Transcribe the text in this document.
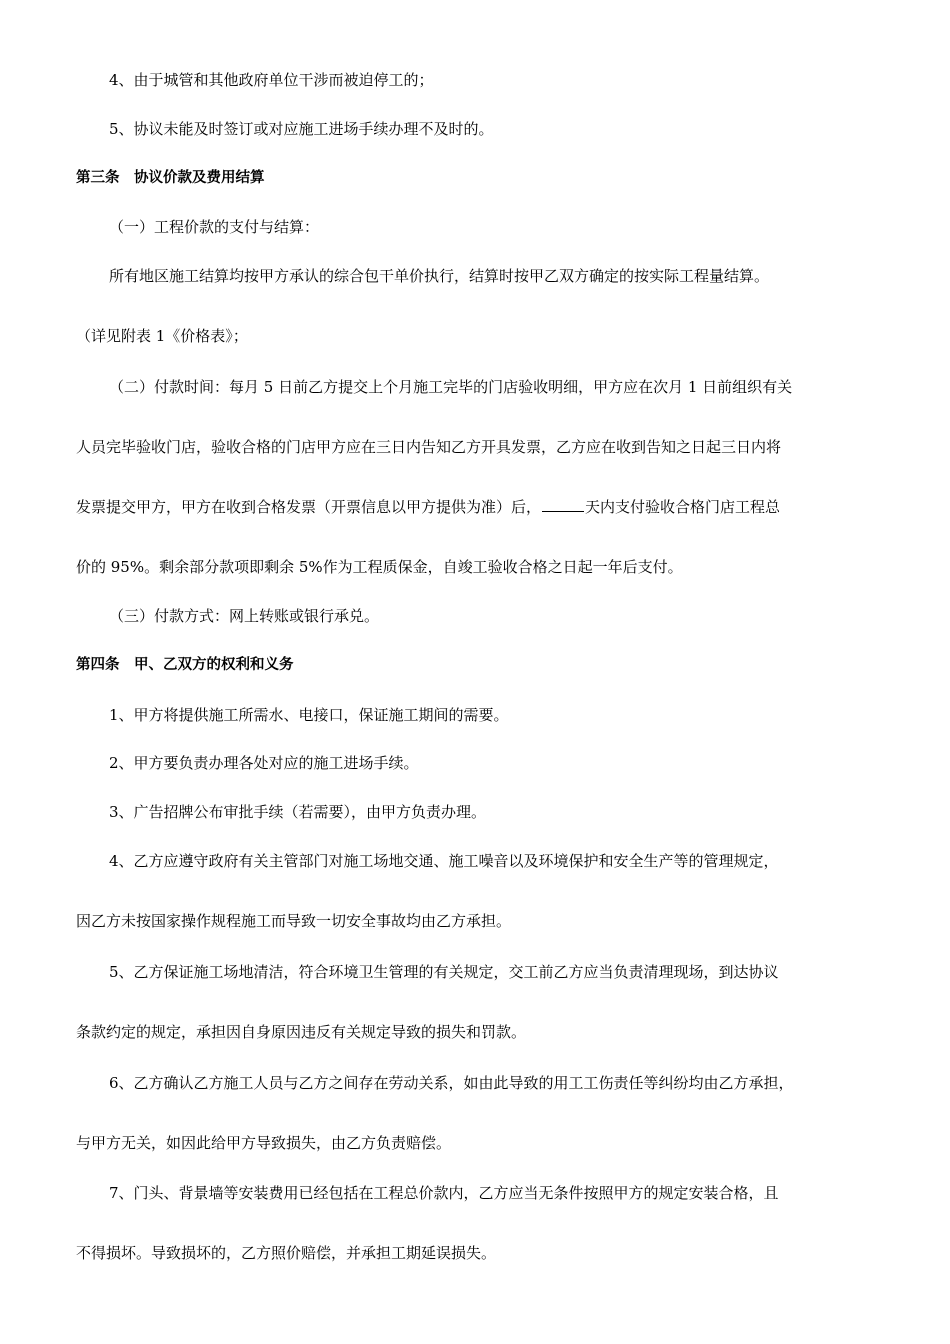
4、由于城管和其他政府单位干涉而被迫停工的；
5、协议未能及时签订或对应施工进场手续办理不及时的。
第三条　协议价款及费用结算
（一）工程价款的支付与结算：
所有地区施工结算均按甲方承认的综合包干单价执行，结算时按甲乙双方确定的按实际工程量结算。
（详见附表 1《价格表》；
（二）付款时间：每月 5 日前乙方提交上个月施工完毕的门店验收明细，甲方应在次月 1 日前组织有关
人员完毕验收门店，验收合格的门店甲方应在三日内告知乙方开具发票，乙方应在收到告知之日起三日内将
发票提交甲方，甲方在收到合格发票（开票信息以甲方提供为准）后，	天内支付验收合格门店工程总
价的 95%。剩余部分款项即剩余 5%作为工程质保金，自竣工验收合格之日起一年后支付。
（三）付款方式：网上转账或银行承兑。
第四条　甲、乙双方的权利和义务
1、甲方将提供施工所需水、电接口，保证施工期间的需要。
2、甲方要负责办理各处对应的施工进场手续。
3、广告招牌公布审批手续（若需要），由甲方负责办理。
4、乙方应遵守政府有关主管部门对施工场地交通、施工噪音以及环境保护和安全生产等的管理规定，
因乙方未按国家操作规程施工而导致一切安全事故均由乙方承担。
5、乙方保证施工场地清洁，符合环境卫生管理的有关规定，交工前乙方应当负责清理现场，到达协议
条款约定的规定，承担因自身原因违反有关规定导致的损失和罚款。
6、乙方确认乙方施工人员与乙方之间存在劳动关系，如由此导致的用工工伤责任等纠纷均由乙方承担，
与甲方无关，如因此给甲方导致损失，由乙方负责赔偿。
7、门头、背景墙等安装费用已经包括在工程总价款内，乙方应当无条件按照甲方的规定安装合格，且
不得损坏。导致损坏的，乙方照价赔偿，并承担工期延误损失。
